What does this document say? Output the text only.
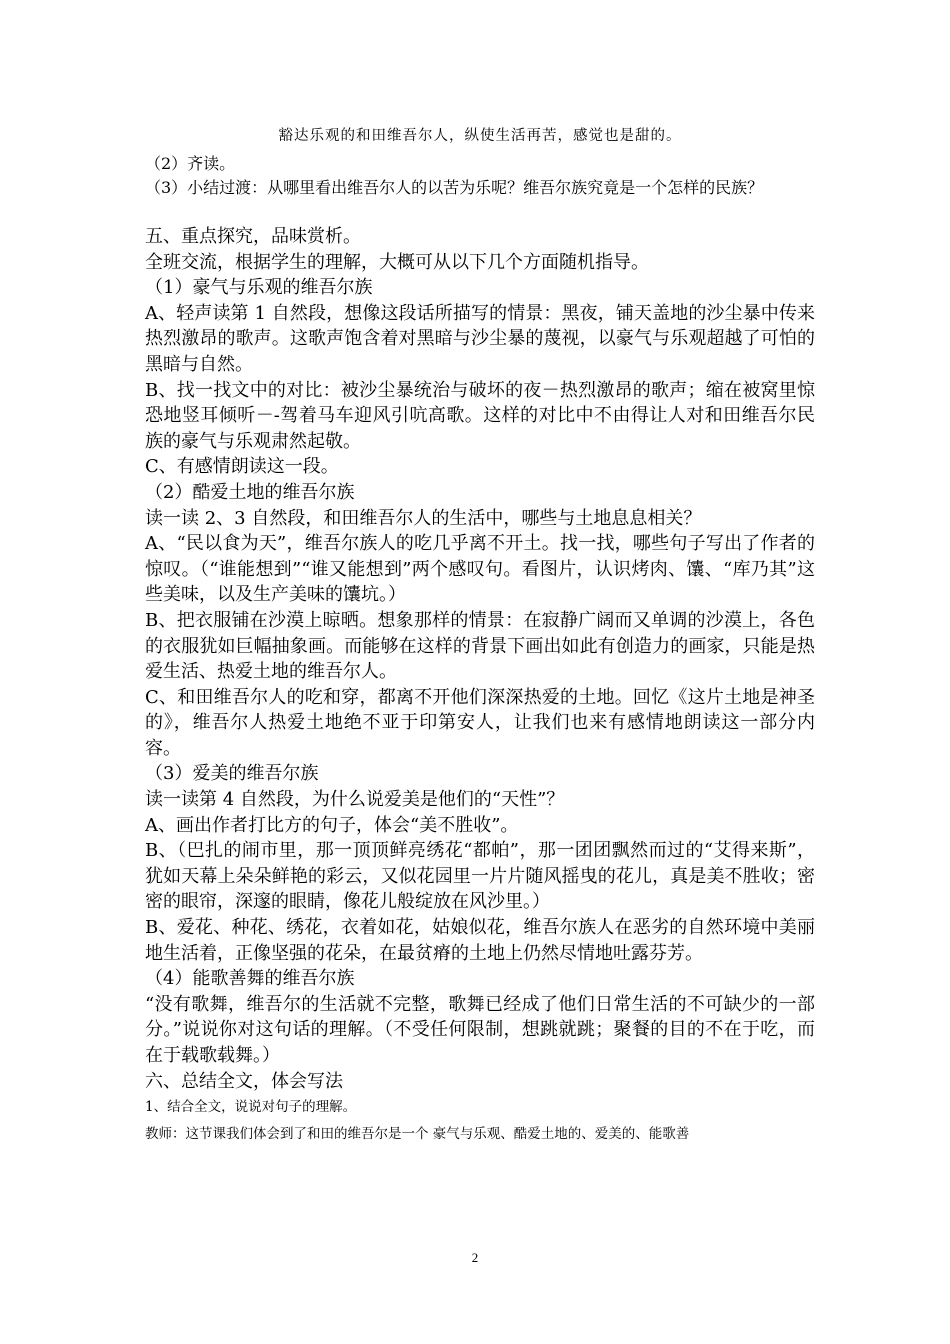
豁达乐观的和田维吾尔人，纵使生活再苦，感觉也是甜的。

（2）齐读。

（3）小结过渡：从哪里看出维吾尔人的以苦为乐呢？维吾尔族究竟是一个怎样的民族？

五、重点探究，品味赏析。

全班交流，根据学生的理解，大概可从以下几个方面随机指导。

（1）豪气与乐观的维吾尔族

A、轻声读第 1 自然段，想像这段话所描写的情景：黑夜，铺天盖地的沙尘暴中传来热烈激昂的歌声。这歌声饱含着对黑暗与沙尘暴的蔑视，以豪气与乐观超越了可怕的黑暗与自然。

B、找一找文中的对比：被沙尘暴统治与破坏的夜－热烈激昂的歌声；缩在被窝里惊恐地竖耳倾听－-驾着马车迎风引吭高歌。这样的对比中不由得让人对和田维吾尔民族的豪气与乐观肃然起敬。

C、有感情朗读这一段。

（2）酷爱土地的维吾尔族

读一读 2、3 自然段，和田维吾尔人的生活中，哪些与土地息息相关？

A、“民以食为天”，维吾尔族人的吃几乎离不开土。找一找，哪些句子写出了作者的惊叹。（“谁能想到”“谁又能想到”两个感叹句。看图片，认识烤肉、馕、“库乃其”这些美味，以及生产美味的馕坑。）

B、把衣服铺在沙漠上晾晒。想象那样的情景：在寂静广阔而又单调的沙漠上，各色的衣服犹如巨幅抽象画。而能够在这样的背景下画出如此有创造力的画家，只能是热爱生活、热爱土地的维吾尔人。

C、和田维吾尔人的吃和穿，都离不开他们深深热爱的土地。回忆《这片土地是神圣的》，维吾尔人热爱土地绝不亚于印第安人，让我们也来有感情地朗读这一部分内容。

（3）爱美的维吾尔族

读一读第 4 自然段，为什么说爱美是他们的“天性”？

A、画出作者打比方的句子，体会“美不胜收”。

B、（巴扎的闹市里，那一顶顶鲜亮绣花“都帕”，那一团团飘然而过的“艾得来斯”，犹如天幕上朵朵鲜艳的彩云，又似花园里一片片随风摇曳的花儿，真是美不胜收；密密的眼帘，深邃的眼睛，像花儿般绽放在风沙里。）

B、爱花、种花、绣花，衣着如花，姑娘似花，维吾尔族人在恶劣的自然环境中美丽地生活着，正像坚强的花朵，在最贫瘠的土地上仍然尽情地吐露芬芳。

（4）能歌善舞的维吾尔族

“没有歌舞，维吾尔的生活就不完整，歌舞已经成了他们日常生活的不可缺少的一部分。”说说你对这句话的理解。（不受任何限制，想跳就跳；聚餐的目的不在于吃，而在于载歌载舞。）

六、总结全文，体会写法

1、结合全文，说说对句子的理解。

教师：这节课我们体会到了和田的维吾尔是一个 豪气与乐观、酷爱土地的、爱美的、能歌善

2
